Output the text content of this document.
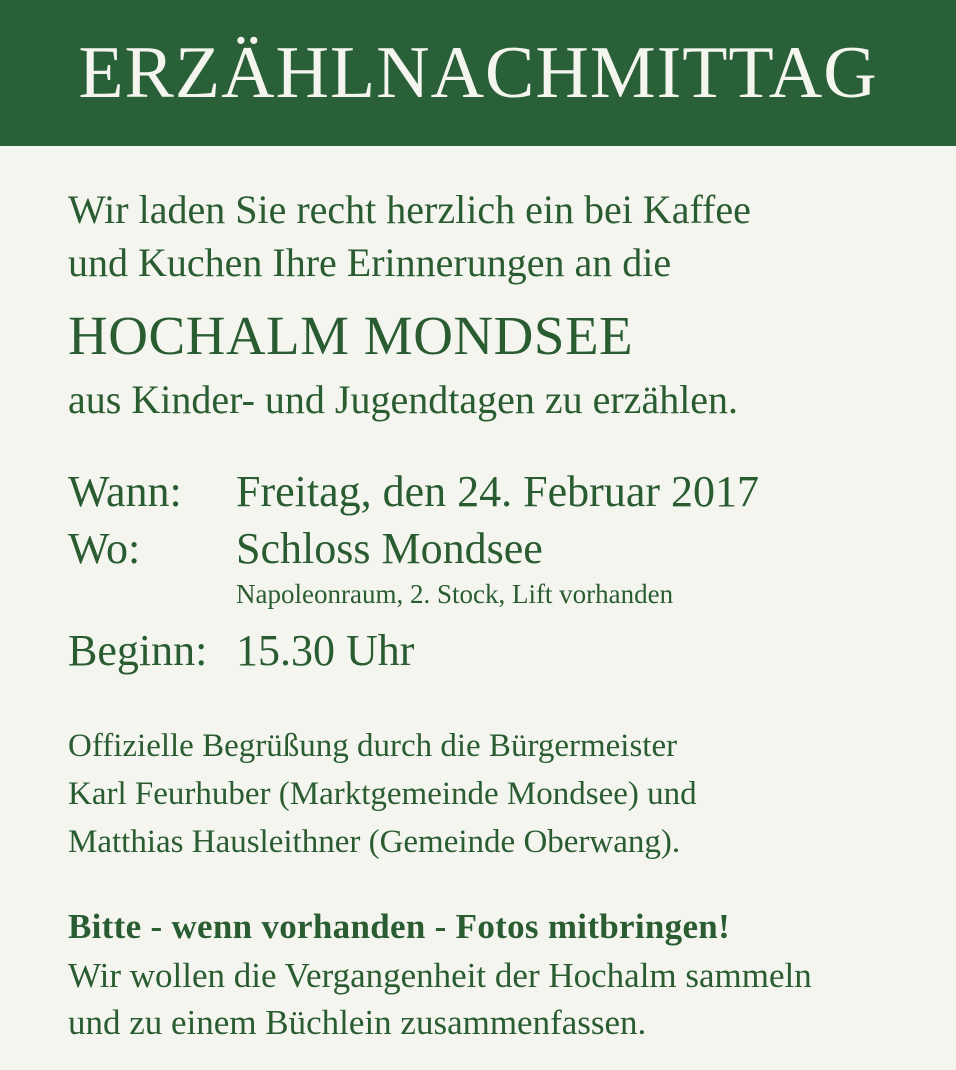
ERZÄHLNACHMITTAG
Wir laden Sie recht herzlich ein bei Kaffee
und Kuchen Ihre Erinnerungen an die
HOCHALM MONDSEE
aus Kinder- und Jugendtagen zu erzählen.
Wann:	Freitag, den 24. Februar 2017
Wo:	Schloss Mondsee
Napoleonraum, 2. Stock, Lift vorhanden
Beginn: 15.30 Uhr
Offizielle Begrüßung durch die Bürgermeister
Karl Feurhuber (Marktgemeinde Mondsee) und
Matthias Hausleithner (Gemeinde Oberwang).
Bitte - wenn vorhanden - Fotos mitbringen!
Wir wollen die Vergangenheit der Hochalm sammeln
und zu einem Büchlein zusammenfassen.
